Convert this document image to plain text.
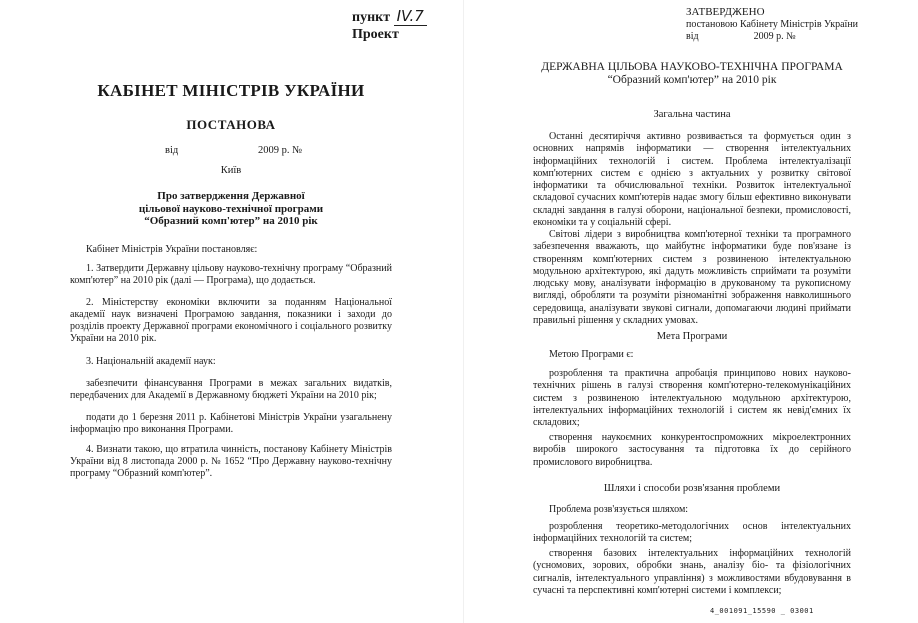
пункт IV.7
Проект
КАБІНЕТ МІНІСТРІВ УКРАЇНИ
ПОСТАНОВА
від	2009 р. №
Київ
Про затвердження Державної
цільової науково-технічної програми
“Образний комп'ютер” на 2010 рік

Кабінет Міністрів України постановляє:

1. Затвердити Державну цільову науково-технічну програму “Образний комп'ютер” на 2010 рік (далі — Програма), що додається.

2. Міністерству економіки включити за поданням Національної академії наук визначені Програмою завдання, показники і заходи до розділів проекту Державної програми економічного і соціального розвитку України на 2010 рік.

3. Національній академії наук:

забезпечити фінансування Програми в межах загальних видатків, передбачених для Академії в Державному бюджеті України на 2010 рік;

подати до 1 березня 2011 р. Кабінетові Міністрів України узагальнену інформацію про виконання Програми.

4. Визнати такою, що втратила чинність, постанову Кабінету Міністрів України від 8 листопада 2000 р. № 1652 “Про Державну науково-технічну програму “Образний комп'ютер”.

ЗАТВЕРДЖЕНО
постановою Кабінету Міністрів України
від	2009 р. №
ДЕРЖАВНА ЦІЛЬОВА НАУКОВО-ТЕХНІЧНА ПРОГРАМА
“Образний комп'ютер” на 2010 рік
Загальна частина

Останні десятиріччя активно розвивається та формується один з основних напрямів інформатики — створення інтелектуальних інформаційних технологій і систем. Проблема інтелектуалізації комп'ютерних систем є однією з актуальних у розвитку світової інформатики та обчислювальної техніки. Розвиток інтелектуальної складової сучасних комп'ютерів надає змогу більш ефективно виконувати складні завдання в галузі оборони, національної безпеки, промисловості, економіки та у соціальній сфері.

Світові лідери з виробництва комп'ютерної техніки та програмного забезпечення вважають, що майбутнє інформатики буде пов'язане із створенням комп'ютерних систем з розвиненою інтелектуальною модульною архітектурою, які дадуть можливість сприймати та розуміти людську мову, аналізувати інформацію в друкованому та рукописному вигляді, обробляти та розуміти різноманітні зображення навколишнього середовища, аналізувати звукові сигнали, допомагаючи людині приймати правильні рішення у складних умовах.

Мета Програми

Метою Програми є:

розроблення та практична апробація принципово нових науково-технічних рішень в галузі створення комп'ютерно-телекомунікаційних систем з розвиненою інтелектуальною модульною архітектурою, інтелектуальних інформаційних технологій і систем як невід'ємних їх складових;

створення наукоємних конкурентоспроможних мікроелектронних виробів широкого застосування та підготовка їх до серійного промислового виробництва.

Шляхи і способи розв'язання проблеми

Проблема розв'язується шляхом:

розроблення теоретико-методологічних основ інтелектуальних інформаційних технологій та систем;

створення базових інтелектуальних інформаційних технологій (усномових, зорових, обробки знань, аналізу біо- та фізіологічних сигналів, інтелектуального управління) з можливостями вбудовування в сучасні та перспективні комп'ютерні системи і комплекси;

4_001091_15590 _ 03001
